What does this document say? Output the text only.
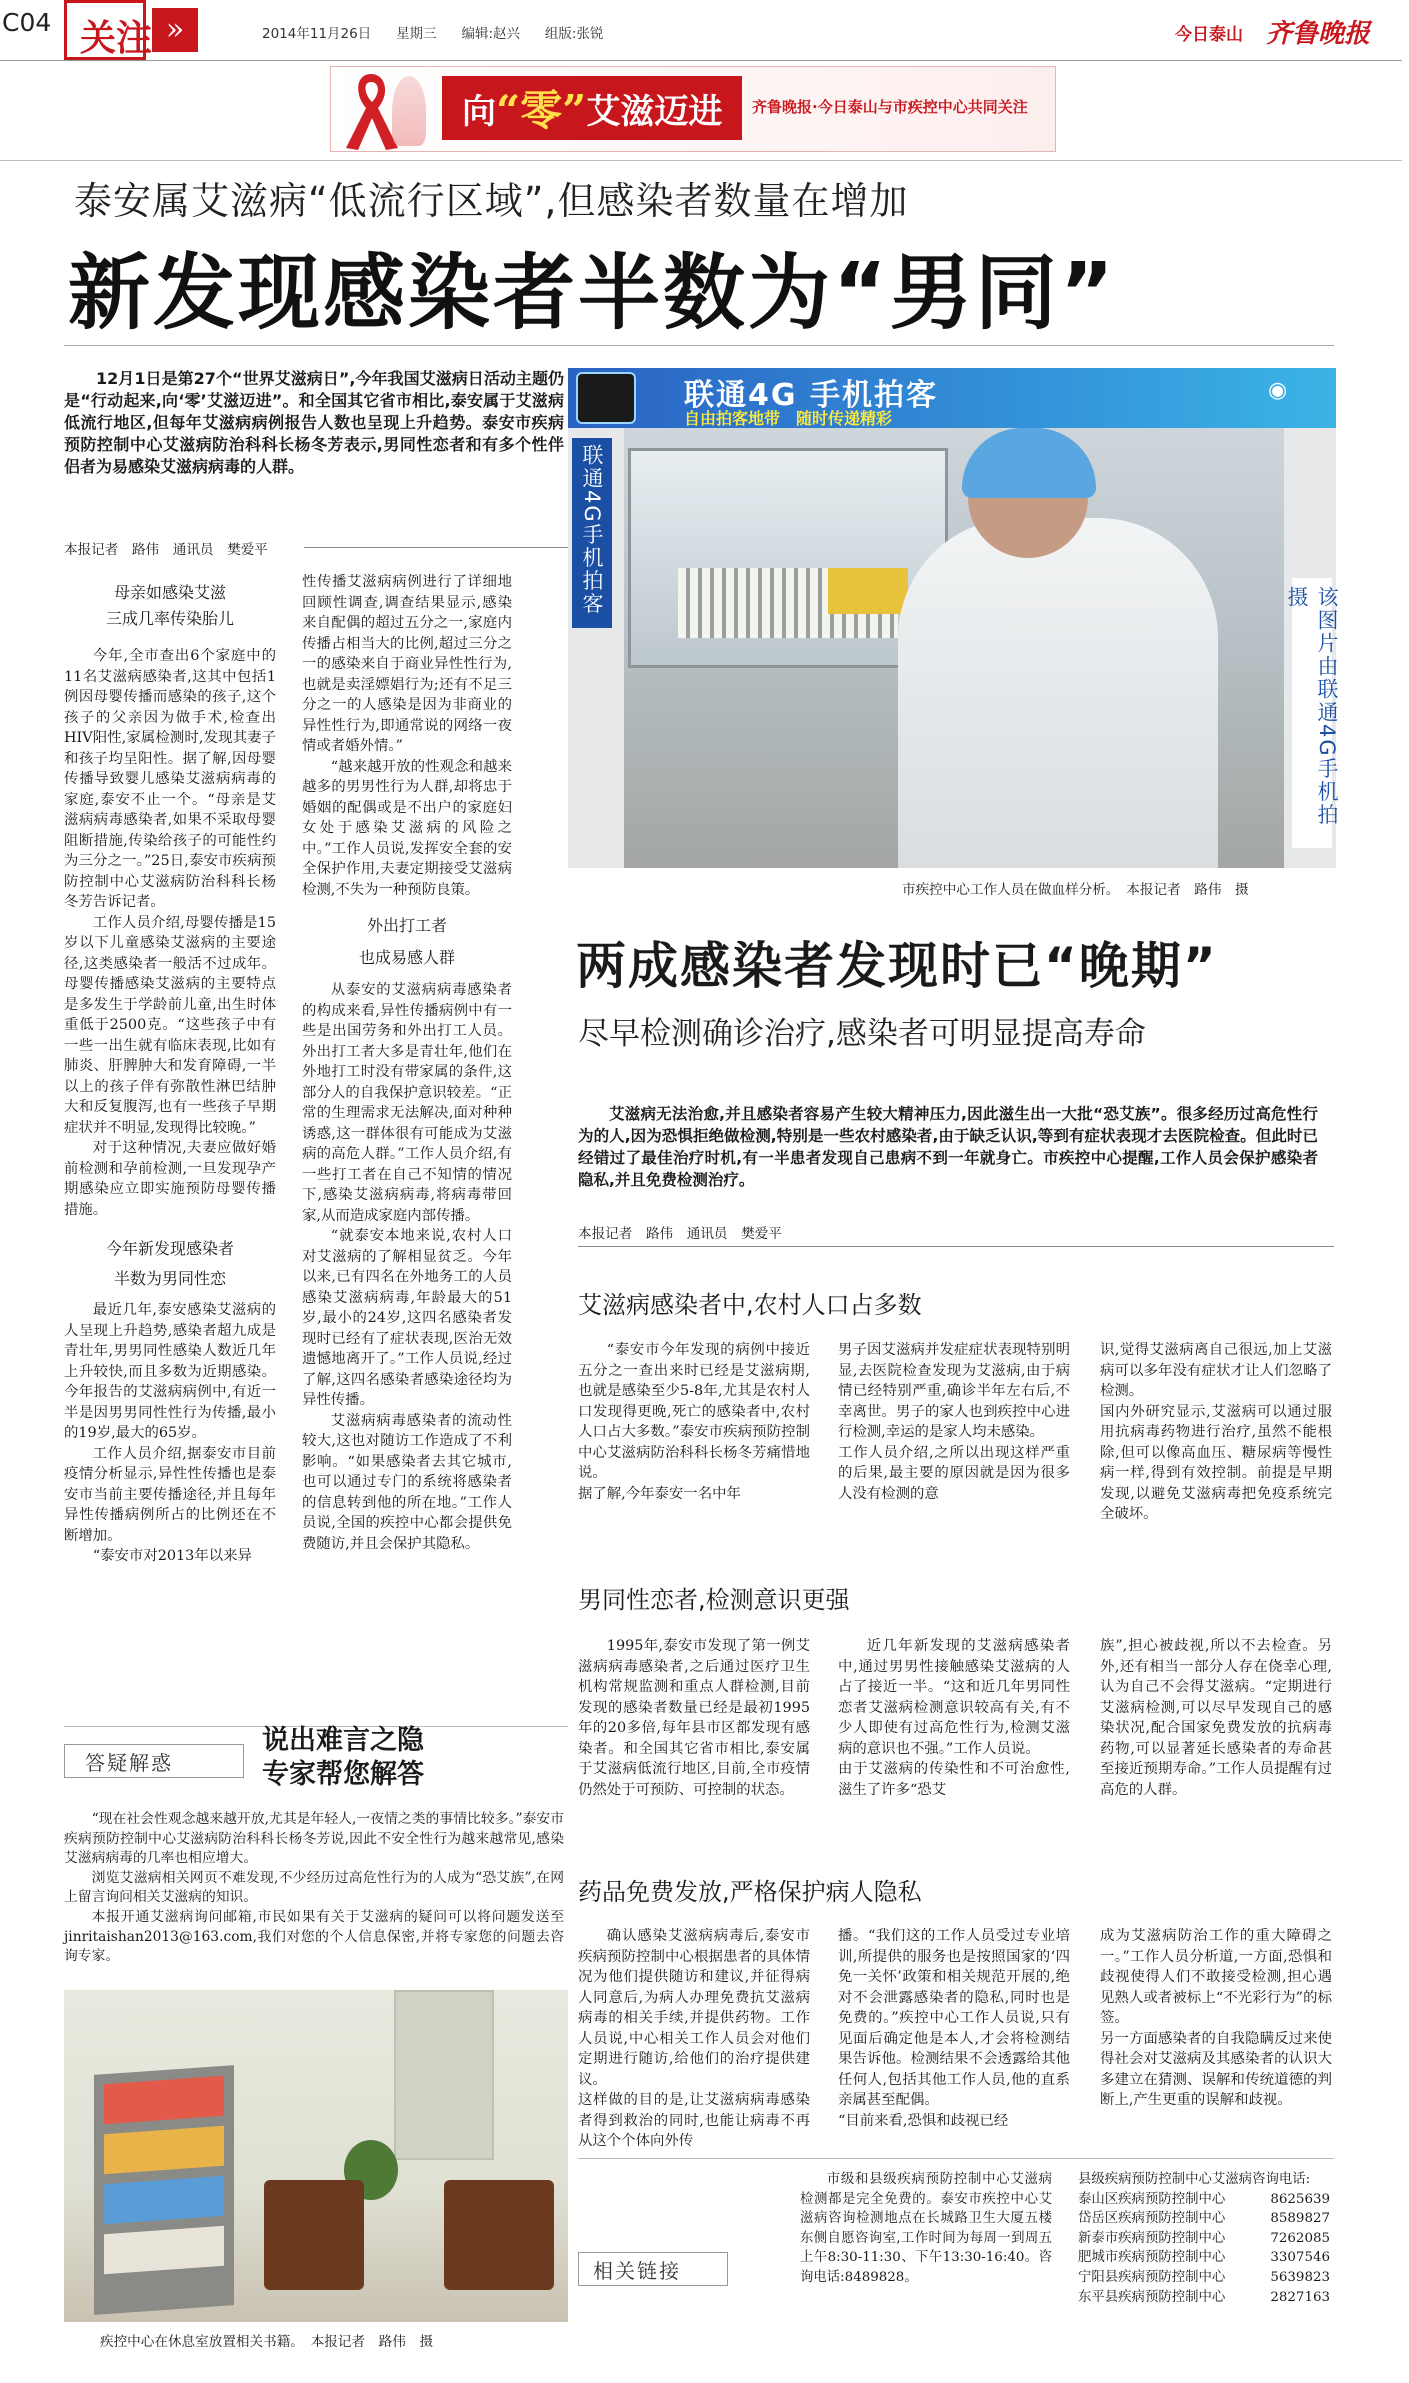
C04 关注 »	2014年11月26日 星期三 编辑:赵兴 组版:张锐	今日泰山 齐鲁晚报
向 “零” 艾滋迈进 齐鲁晚报·今日泰山与市疾控中心共同关注
泰安属艾滋病“低流行区域”,但感染者数量在增加
新发现感染者半数为“男同”
12月1日是第27个“世界艾滋病日”,今年我国艾滋病日活动主题仍是“行动起来,向‘零’艾滋迈进”。和全国其它省市相比,泰安属于艾滋病低流行地区,但每年艾滋病病例报告人数也呈现上升趋势。泰安市疾病预防控制中心艾滋病防治科科长杨冬芳表示,男同性恋者和有多个性伴侣者为易感染艾滋病病毒的人群。
本报记者　路伟　通讯员　樊爱平
母亲如感染艾滋
三成几率传染胎儿
今年,全市查出6个家庭中的11名艾滋病感染者,这其中包括1例因母婴传播而感染的孩子,这个孩子的父亲因为做手术,检查出HIV阳性,家属检测时,发现其妻子和孩子均呈阳性。据了解,因母婴传播导致婴儿感染艾滋病病毒的家庭,泰安不止一个。“母亲是艾滋病病毒感染者,如果不采取母婴阻断措施,传染给孩子的可能性约为三分之一。”25日,泰安市疾病预防控制中心艾滋病防治科科长杨冬芳告诉记者。
工作人员介绍,母婴传播是15岁以下儿童感染艾滋病的主要途径,这类感染者一般活不过成年。母婴传播感染艾滋病的主要特点是多发生于学龄前儿童,出生时体重低于2500克。“这些孩子中有一些一出生就有临床表现,比如有肺炎、肝脾肿大和发育障碍,一半以上的孩子伴有弥散性淋巴结肿大和反复腹泻,也有一些孩子早期症状并不明显,发现得比较晚。”
对于这种情况,夫妻应做好婚前检测和孕前检测,一旦发现孕产期感染应立即实施预防母婴传播措施。
今年新发现感染者
半数为男同性恋
最近几年,泰安感染艾滋病的人呈现上升趋势,感染者超九成是青壮年,男男同性感染人数近几年上升较快,而且多数为近期感染。今年报告的艾滋病病例中,有近一半是因男男同性性行为传播,最小的19岁,最大的65岁。
工作人员介绍,据泰安市目前疫情分析显示,异性性传播也是泰安市当前主要传播途径,并且每年异性传播病例所占的比例还在不断增加。
“泰安市对2013年以来异
性传播艾滋病病例进行了详细地回顾性调查,调查结果显示,感染来自配偶的超过五分之一,家庭内传播占相当大的比例,超过三分之一的感染来自于商业异性性行为,也就是卖淫嫖娼行为;还有不足三分之一的人感染是因为非商业的异性性行为,即通常说的网络一夜情或者婚外情。”
“越来越开放的性观念和越来越多的男男性行为人群,却将忠于婚姻的配偶或是不出户的家庭妇女处于感染艾滋病的风险之中。”工作人员说,发挥安全套的安全保护作用,夫妻定期接受艾滋病检测,不失为一种预防良策。
外出打工者
也成易感人群
从泰安的艾滋病病毒感染者的构成来看,异性传播病例中有一些是出国劳务和外出打工人员。外出打工者大多是青壮年,他们在外地打工时没有带家属的条件,这部分人的自我保护意识较差。“正常的生理需求无法解决,面对种种诱惑,这一群体很有可能成为艾滋病的高危人群。”工作人员介绍,有一些打工者在自己不知情的情况下,感染艾滋病病毒,将病毒带回家,从而造成家庭内部传播。
“就泰安本地来说,农村人口对艾滋病的了解相显贫乏。今年以来,已有四名在外地务工的人员感染艾滋病病毒,年龄最大的51岁,最小的24岁,这四名感染者发现时已经有了症状表现,医治无效遗憾地离开了。”工作人员说,经过了解,这四名感染者感染途径均为异性传播。
艾滋病病毒感染者的流动性较大,这也对随访工作造成了不利影响。“如果感染者去其它城市,也可以通过专门的系统将感染者的信息转到他的所在地。”工作人员说,全国的疾控中心都会提供免费随访,并且会保护其隐私。
答疑解惑
说出难言之隐
专家帮您解答
“现在社会性观念越来越开放,尤其是年轻人,一夜情之类的事情比较多。”泰安市疾病预防控制中心艾滋病防治科科长杨冬芳说,因此不安全性行为越来越常见,感染艾滋病病毒的几率也相应增大。
浏览艾滋病相关网页不难发现,不少经历过高危性行为的人成为“恐艾族”,在网上留言询问相关艾滋病的知识。
本报开通艾滋病询问邮箱,市民如果有关于艾滋病的疑问可以将问题发送至jinritaishan2013@163.com,我们对您的个人信息保密,并将专家您的问题去咨询专家。
疾控中心在休息室放置相关书籍。　本报记者　路伟　摄
联通4G 手机拍客
自由拍客地带　随时传递精彩
◉
联通4G手机拍客
该图片由联通4G手机拍摄
市疾控中心工作人员在做血样分析。　本报记者　路伟　摄
两成感染者发现时已“晚期”
尽早检测确诊治疗,感染者可明显提高寿命
艾滋病无法治愈,并且感染者容易产生较大精神压力,因此滋生出一大批“恐艾族”。很多经历过高危性行为的人,因为恐惧拒绝做检测,特别是一些农村感染者,由于缺乏认识,等到有症状表现才去医院检查。但此时已经错过了最佳治疗时机,有一半患者发现自己患病不到一年就身亡。市疾控中心提醒,工作人员会保护感染者隐私,并且免费检测治疗。
本报记者　路伟　通讯员　樊爱平
艾滋病感染者中,农村人口占多数
“泰安市今年发现的病例中接近五分之一查出来时已经是艾滋病期,也就是感染至少5-8年,尤其是农村人口发现得更晚,死亡的感染者中,农村人口占大多数。”泰安市疾病预防控制中心艾滋病防治科科长杨冬芳痛惜地说。
据了解,今年泰安一名中年
男子因艾滋病并发症症状表现特别明显,去医院检查发现为艾滋病,由于病情已经特别严重,确诊半年左右后,不幸离世。男子的家人也到疾控中心进行检测,幸运的是家人均未感染。
工作人员介绍,之所以出现这样严重的后果,最主要的原因就是因为很多人没有检测的意
识,觉得艾滋病离自己很远,加上艾滋病可以多年没有症状才让人们忽略了检测。
国内外研究显示,艾滋病可以通过服用抗病毒药物进行治疗,虽然不能根除,但可以像高血压、糖尿病等慢性病一样,得到有效控制。前提是早期发现,以避免艾滋病毒把免疫系统完全破坏。
男同性恋者,检测意识更强
1995年,泰安市发现了第一例艾滋病病毒感染者,之后通过医疗卫生机构常规监测和重点人群检测,目前发现的感染者数量已经是最初1995年的20多倍,每年县市区都发现有感染者。和全国其它省市相比,泰安属于艾滋病低流行地区,目前,全市疫情仍然处于可预防、可控制的状态。
近几年新发现的艾滋病感染者中,通过男男性接触感染艾滋病的人占了接近一半。“这和近几年男同性恋者艾滋病检测意识较高有关,有不少人即使有过高危性行为,检测艾滋病的意识也不强。”工作人员说。
由于艾滋病的传染性和不可治愈性,滋生了许多“恐艾
族”,担心被歧视,所以不去检查。另外,还有相当一部分人存在侥幸心理,认为自己不会得艾滋病。“定期进行艾滋病检测,可以尽早发现自己的感染状况,配合国家免费发放的抗病毒药物,可以显著延长感染者的寿命甚至接近预期寿命。”工作人员提醒有过高危的人群。
药品免费发放,严格保护病人隐私
确认感染艾滋病病毒后,泰安市疾病预防控制中心根据患者的具体情况为他们提供随访和建议,并征得病人同意后,为病人办理免费抗艾滋病病毒的相关手续,并提供药物。工作人员说,中心相关工作人员会对他们定期进行随访,给他们的治疗提供建议。
这样做的目的是,让艾滋病病毒感染者得到救治的同时,也能让病毒不再从这个个体向外传
播。“我们这的工作人员受过专业培训,所提供的服务也是按照国家的‘四免一关怀’政策和相关规范开展的,绝对不会泄露感染者的隐私,同时也是免费的。”疾控中心工作人员说,只有见面后确定他是本人,才会将检测结果告诉他。检测结果不会透露给其他任何人,包括其他工作人员,他的直系亲属甚至配偶。
“目前来看,恐惧和歧视已经
成为艾滋病防治工作的重大障碍之一。”工作人员分析道,一方面,恐惧和歧视使得人们不敢接受检测,担心遇见熟人或者被标上“不光彩行为”的标签。
另一方面感染者的自我隐瞒反过来使得社会对艾滋病及其感染者的认识大多建立在猜测、误解和传统道德的判断上,产生更重的误解和歧视。
相关链接
市级和县级疾病预防控制中心艾滋病检测都是完全免费的。泰安市疾控中心艾滋病咨询检测地点在长城路卫生大厦五楼东侧自愿咨询室,工作时间为每周一到周五上午8:30-11:30、下午13:30-16:40。咨询电话:8489828。
县级疾病预防控制中心艾滋病咨询电话:
泰山区疾病预防控制中心	8625639
岱岳区疾病预防控制中心	8589827
新泰市疾病预防控制中心	7262085
肥城市疾病预防控制中心	3307546
宁阳县疾病预防控制中心	5639823
东平县疾病预防控制中心	2827163
